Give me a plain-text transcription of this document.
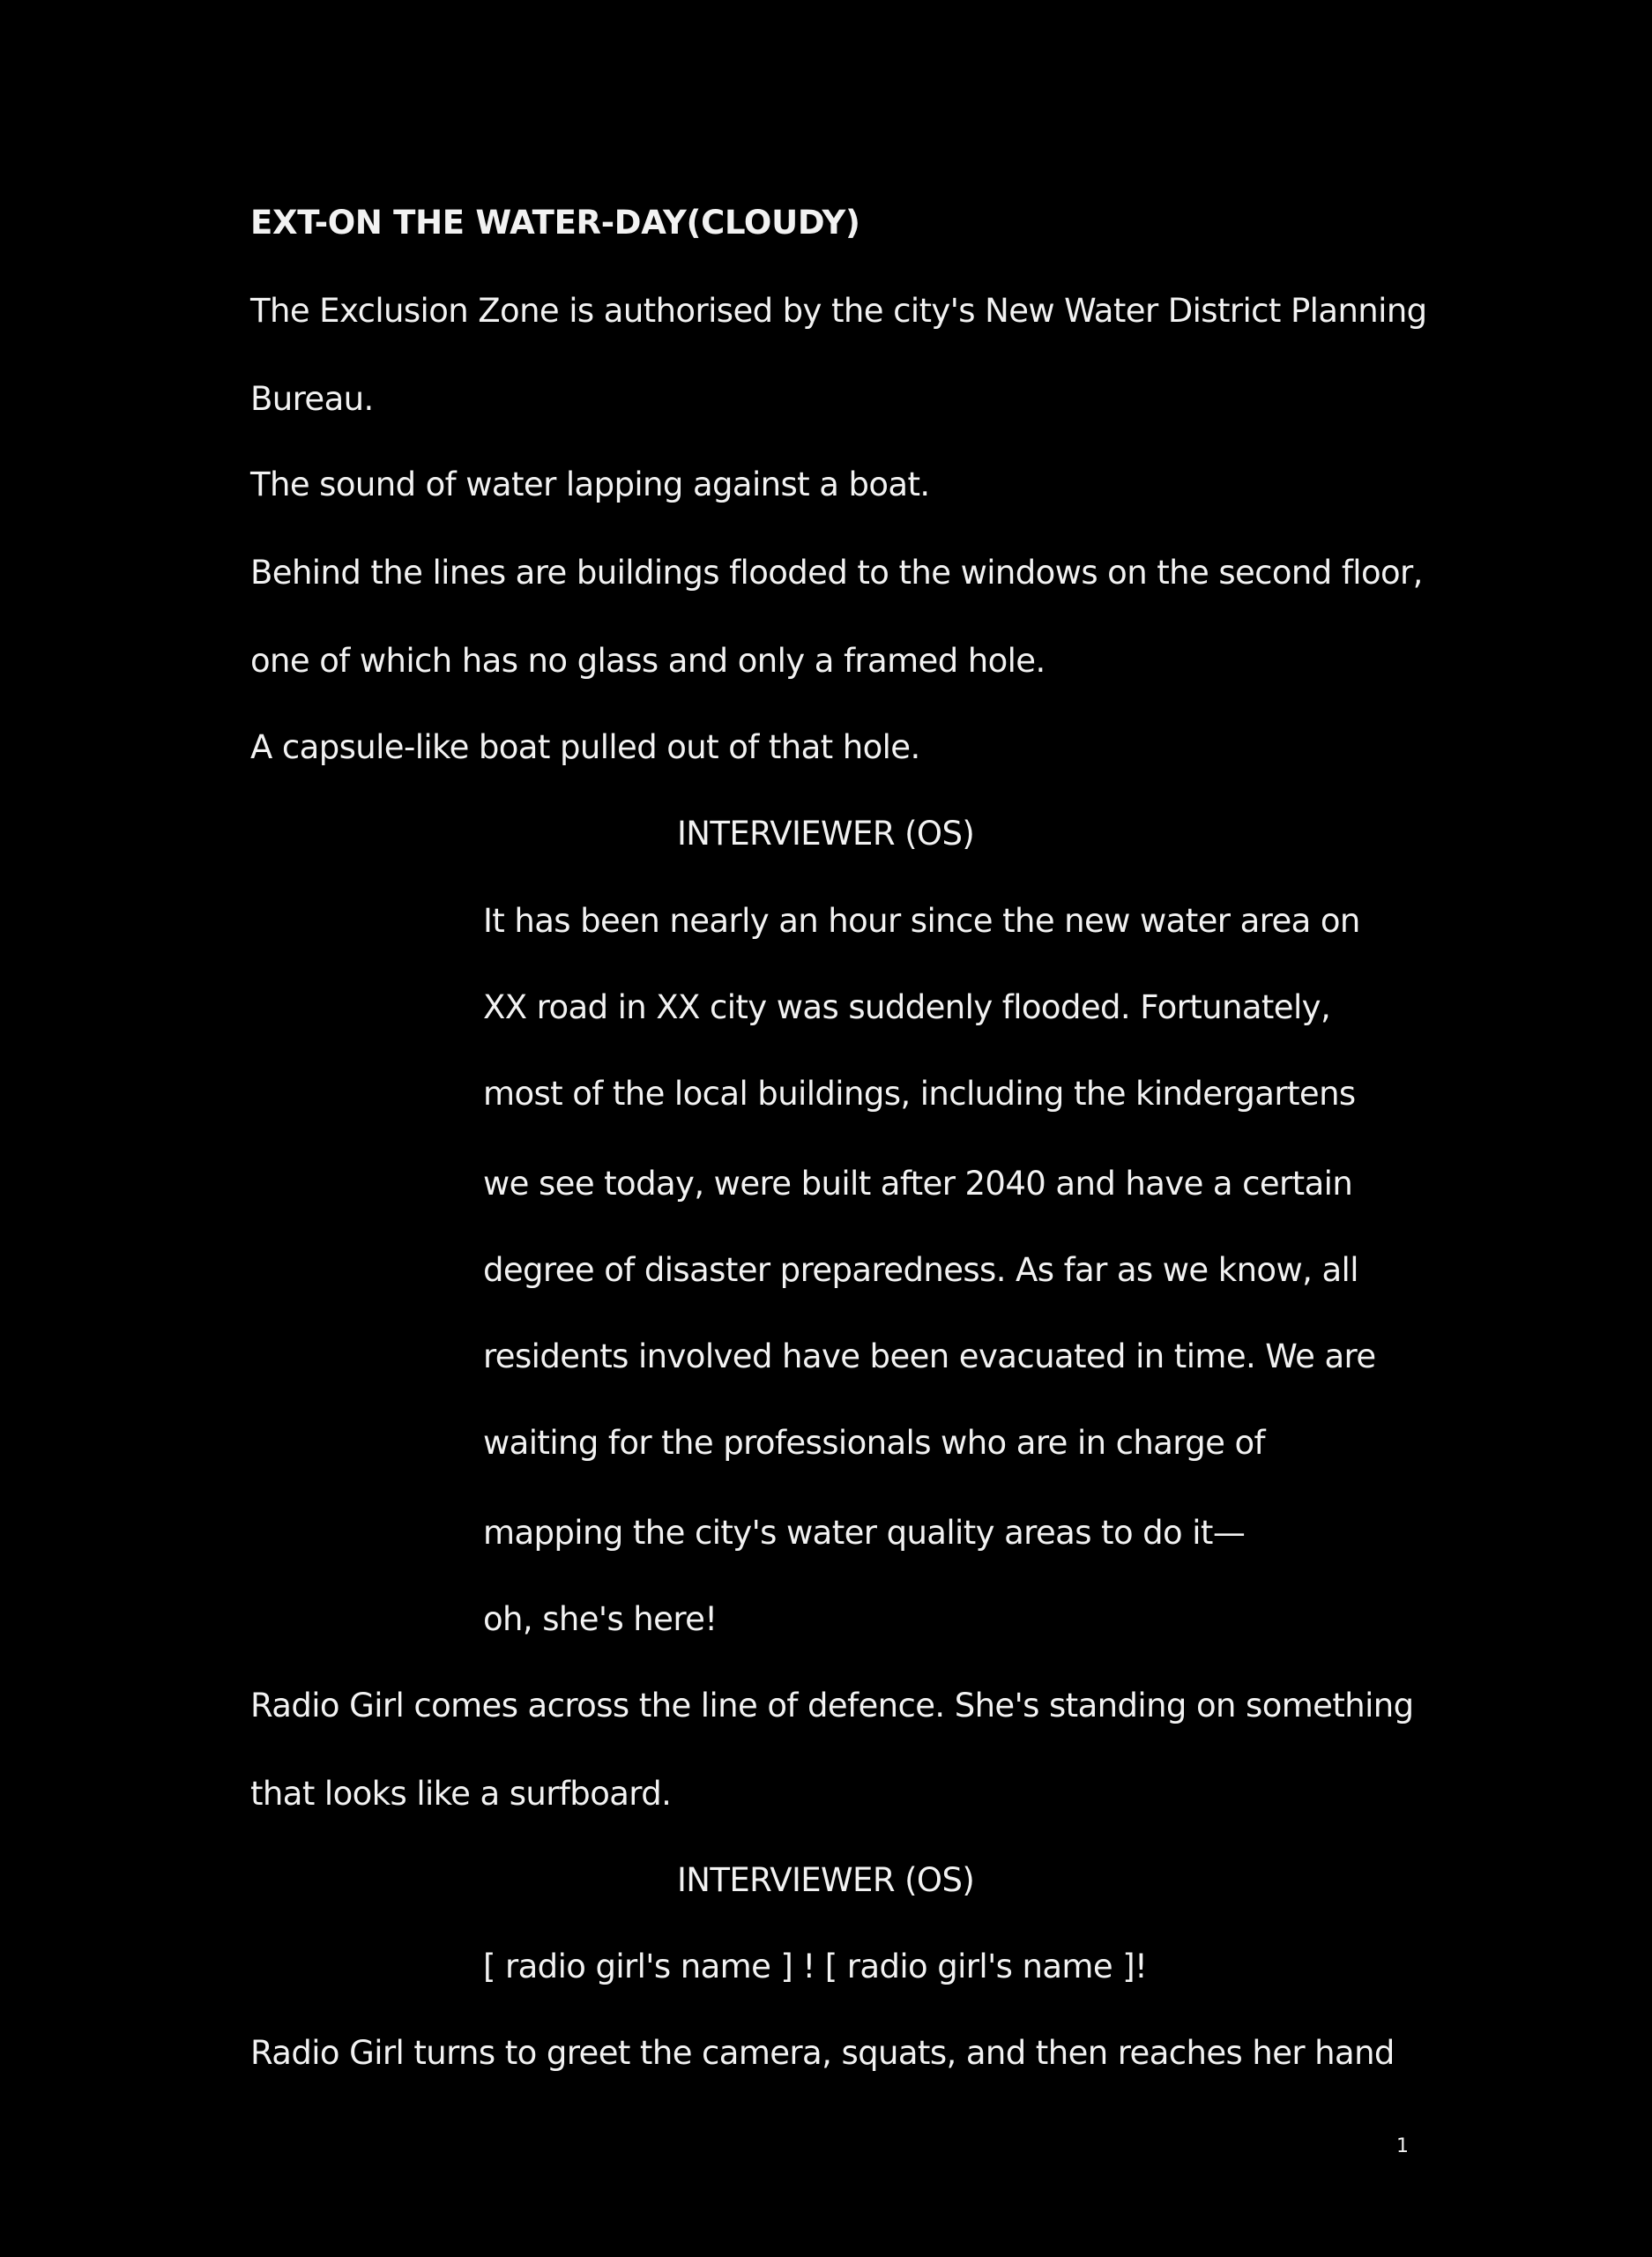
EXT-ON THE WATER-DAY(CLOUDY)
The Exclusion Zone is authorised by the city's New Water District Planning
Bureau.
The sound of water lapping against a boat.
Behind the lines are buildings flooded to the windows on the second floor,
one of which has no glass and only a framed hole.
A capsule-like boat pulled out of that hole.
INTERVIEWER (OS)
It has been nearly an hour since the new water area on
XX road in XX city was suddenly flooded. Fortunately,
most of the local buildings, including the kindergartens
we see today, were built after 2040 and have a certain
degree of disaster preparedness. As far as we know, all
residents involved have been evacuated in time. We are
waiting for the professionals who are in charge of
mapping the city's water quality areas to do it—
oh, she's here!
Radio Girl comes across the line of defence. She's standing on something
that looks like a surfboard.
INTERVIEWER (OS)
[ radio girl's name ] ! [ radio girl's name ]!
Radio Girl turns to greet the camera, squats, and then reaches her hand
1
